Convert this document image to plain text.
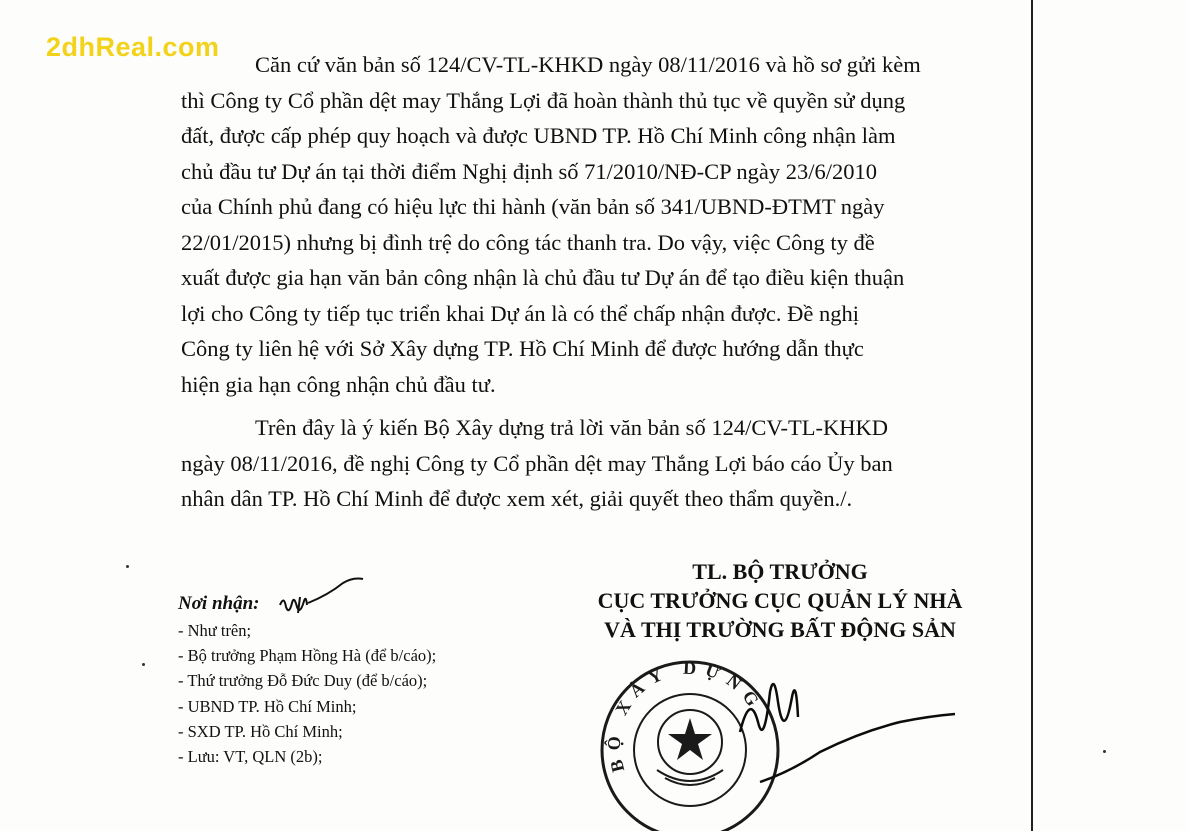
2dhReal.com
Căn cứ văn bản số 124/CV-TL-KHKD ngày 08/11/2016 và hồ sơ gửi kèm
thì Công ty Cổ phần dệt may Thắng Lợi đã hoàn thành thủ tục về quyền sử dụng
đất, được cấp phép quy hoạch và được UBND TP. Hồ Chí Minh công nhận làm
chủ đầu tư Dự án tại thời điểm Nghị định số 71/2010/NĐ-CP ngày 23/6/2010
của Chính phủ đang có hiệu lực thi hành (văn bản số 341/UBND-ĐTMT ngày
22/01/2015) nhưng bị đình trệ do công tác thanh tra. Do vậy, việc Công ty đề
xuất được gia hạn văn bản công nhận là chủ đầu tư Dự án để tạo điều kiện thuận
lợi cho Công ty tiếp tục triển khai Dự án là có thể chấp nhận được. Đề nghị
Công ty liên hệ với Sở Xây dựng TP. Hồ Chí Minh để được hướng dẫn thực
hiện gia hạn công nhận chủ đầu tư.
Trên đây là ý kiến Bộ Xây dựng trả lời văn bản số 124/CV-TL-KHKD
ngày 08/11/2016, đề nghị Công ty Cổ phần dệt may Thắng Lợi báo cáo Ủy ban
nhân dân TP. Hồ Chí Minh để được xem xét, giải quyết theo thẩm quyền./.
TL. BỘ TRƯỞNG
CỤC TRƯỞNG CỤC QUẢN LÝ NHÀ
VÀ THỊ TRƯỜNG BẤT ĐỘNG SẢN
Nơi nhận:
- Như trên;
- Bộ trưởng Phạm Hồng Hà (để b/cáo);
- Thứ trưởng Đỗ Đức Duy (để b/cáo);
- UBND TP. Hồ Chí Minh;
- SXD TP. Hồ Chí Minh;
- Lưu: VT, QLN (2b);	BỘ XÂY DỰNG
